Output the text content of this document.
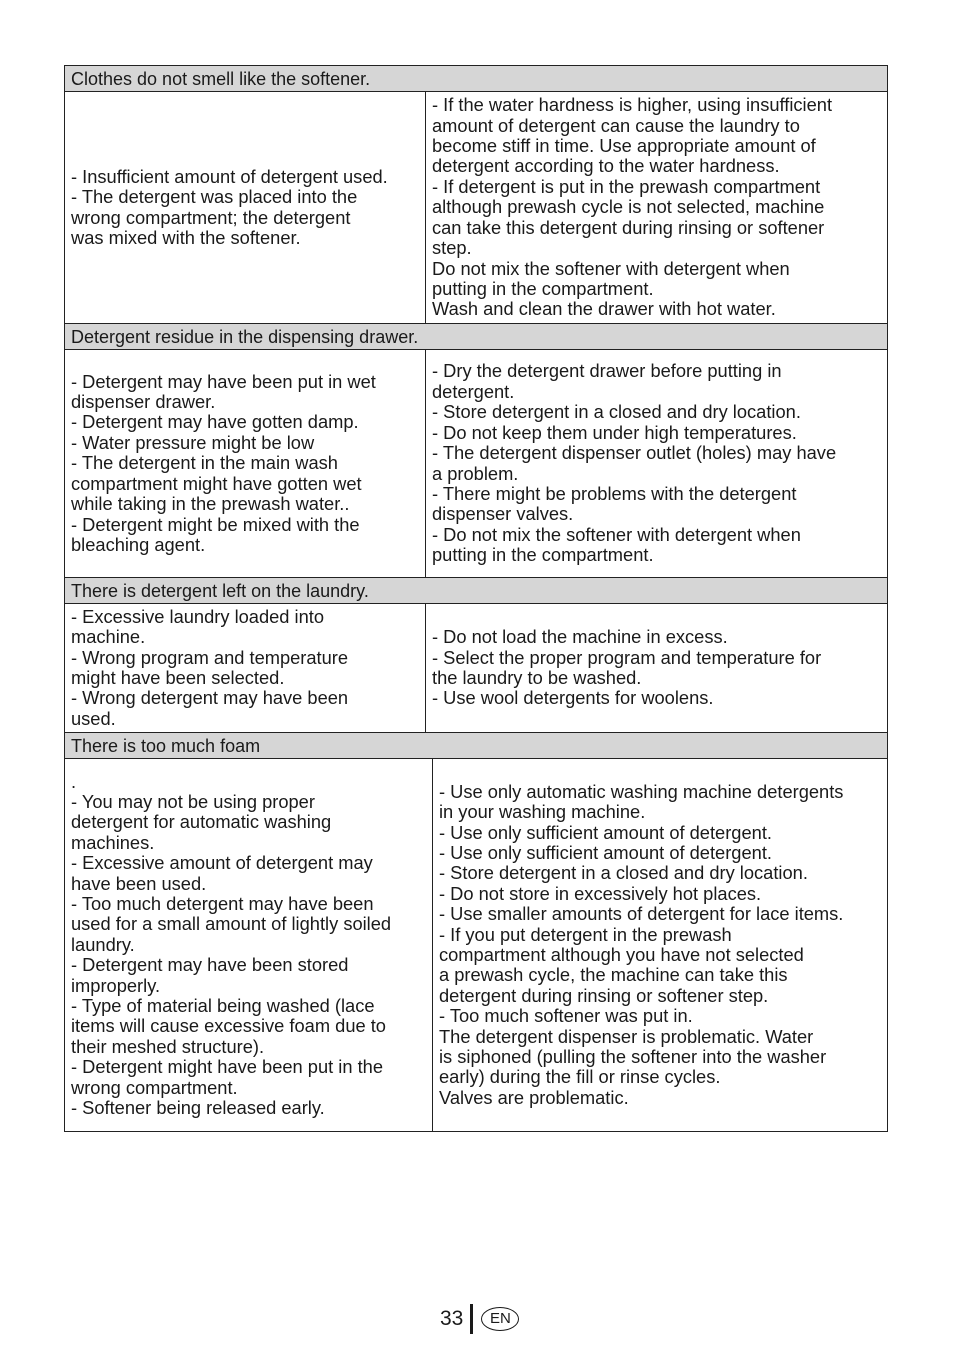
Clothes do not smell like the softener.
- Insufficient amount of detergent used.
- The detergent was placed into the
wrong compartment; the detergent
was mixed with the softener.
- If the water hardness is higher, using insufficient
amount of detergent can cause the laundry to
become stiff in time. Use appropriate amount of
detergent according to the water hardness.
- If detergent is put in the prewash compartment
although prewash cycle is not selected, machine
can take this detergent during rinsing or softener
step.
Do not mix the softener with detergent when
putting in the compartment.
Wash and clean the drawer with hot water.
Detergent residue in the dispensing drawer.
- Detergent may have been put in wet
dispenser drawer.
- Detergent may have gotten damp.
- Water pressure might be low
- The detergent in the main wash
compartment might have gotten wet
while taking in the prewash water..
- Detergent might be mixed with the
bleaching agent.
- Dry the detergent drawer before putting in
detergent.
- Store detergent in a closed and dry location.
- Do not keep them under high temperatures.
- The detergent dispenser outlet (holes) may have
a problem.
- There might be problems with the detergent
dispenser valves.
- Do not mix the softener with detergent when
putting in the compartment.
There is detergent left on the laundry.
- Excessive laundry loaded into
machine.
- Wrong program and temperature
might have been selected.
- Wrong detergent may have been
used.
- Do not load the machine in excess.
- Select the proper program and temperature for
the laundry to be washed.
- Use wool detergents for woolens.
There is too much foam
.
- You may not be using proper
detergent for automatic washing
machines.
- Excessive amount of detergent may
have been used.
- Too much detergent may have been
used for a small amount of lightly soiled
laundry.
- Detergent may have been stored
improperly.
- Type of material being washed (lace
items will cause excessive foam due to
their meshed structure).
- Detergent might have been put in the
wrong compartment.
- Softener being released early.
- Use only automatic washing machine detergents
in your washing machine.
- Use only sufficient amount of detergent.
- Use only sufficient amount of detergent.
- Store detergent in a closed and dry location.
- Do not store in excessively hot places.
- Use smaller amounts of detergent for lace items.
- If you put detergent in the prewash
compartment although you have not selected
a prewash cycle, the machine can take this
detergent during rinsing or softener step.
- Too much softener was put in.
The detergent dispenser is problematic. Water
is siphoned (pulling the softener into the washer
early) during the fill or rinse cycles.
Valves are problematic.
33	EN
